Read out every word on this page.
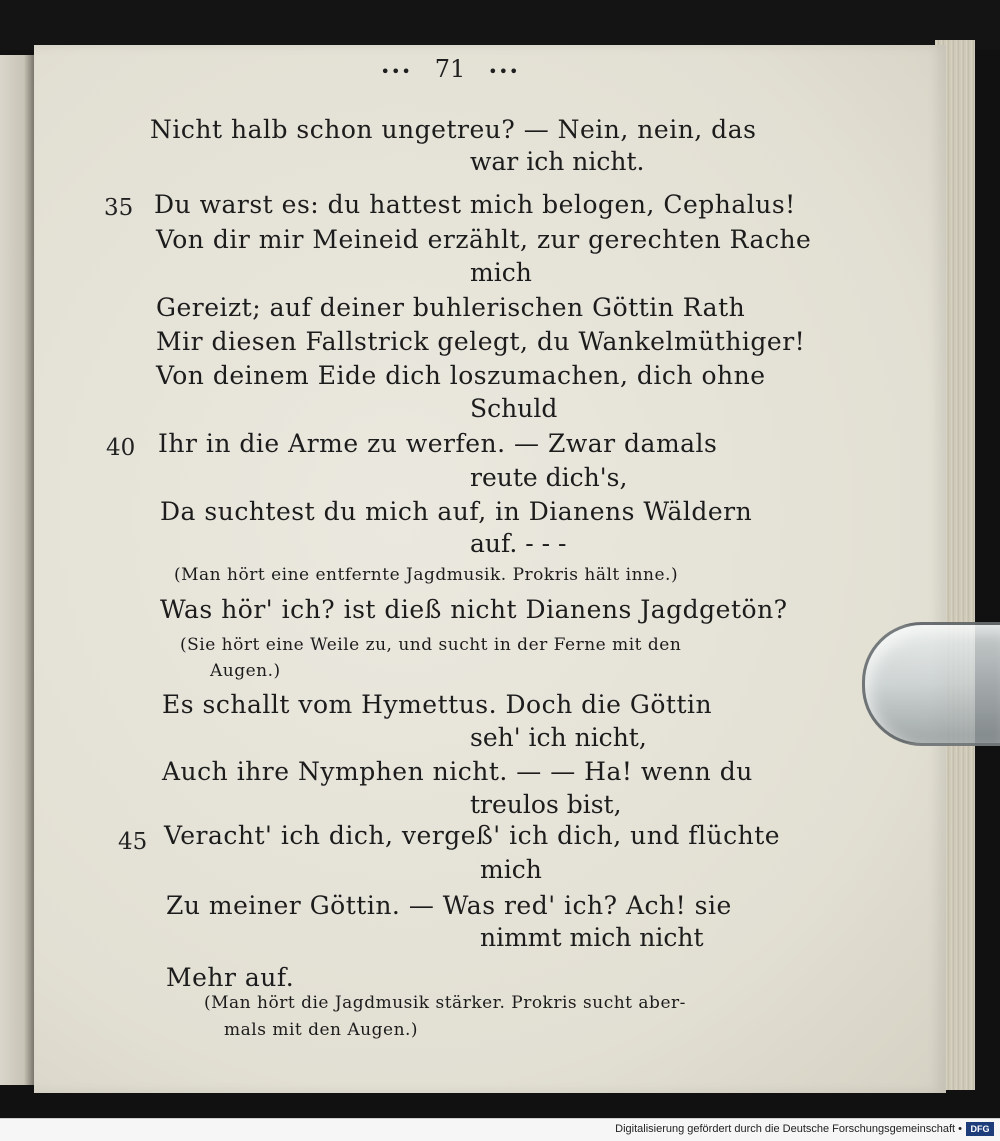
••• 71 •••
Nicht halb schon ungetreu? — Nein, nein, das
war ich nicht.
35 Du warst es: du hattest mich belogen, Cephalus!
Von dir mir Meineid erzählt, zur gerechten Rache
mich
Gereizt; auf deiner buhlerischen Göttin Rath
Mir diesen Fallstrick gelegt, du Wankelmüthiger!
Von deinem Eide dich loszumachen, dich ohne
Schuld
40 Ihr in die Arme zu werfen. — Zwar damals
reute dich's,
Da suchtest du mich auf, in Dianens Wäldern
auf. - - -
(Man hört eine entfernte Jagdmusik. Prokris hält inne.)
Was hör' ich? ist dieß nicht Dianens Jagdgetön?
(Sie hört eine Weile zu, und sucht in der Ferne mit den
Augen.)
Es schallt vom Hymettus. Doch die Göttin
seh' ich nicht,
Auch ihre Nymphen nicht. — — Ha! wenn du
treulos bist,
45 Veracht' ich dich, vergeß' ich dich, und flüchte
mich
Zu meiner Göttin. — Was red' ich? Ach! sie
nimmt mich nicht
Mehr auf.
(Man hört die Jagdmusik stärker. Prokris sucht aber-
mals mit den Augen.)
Digitalisierung gefördert durch die Deutsche Forschungsgemeinschaft • DFG
